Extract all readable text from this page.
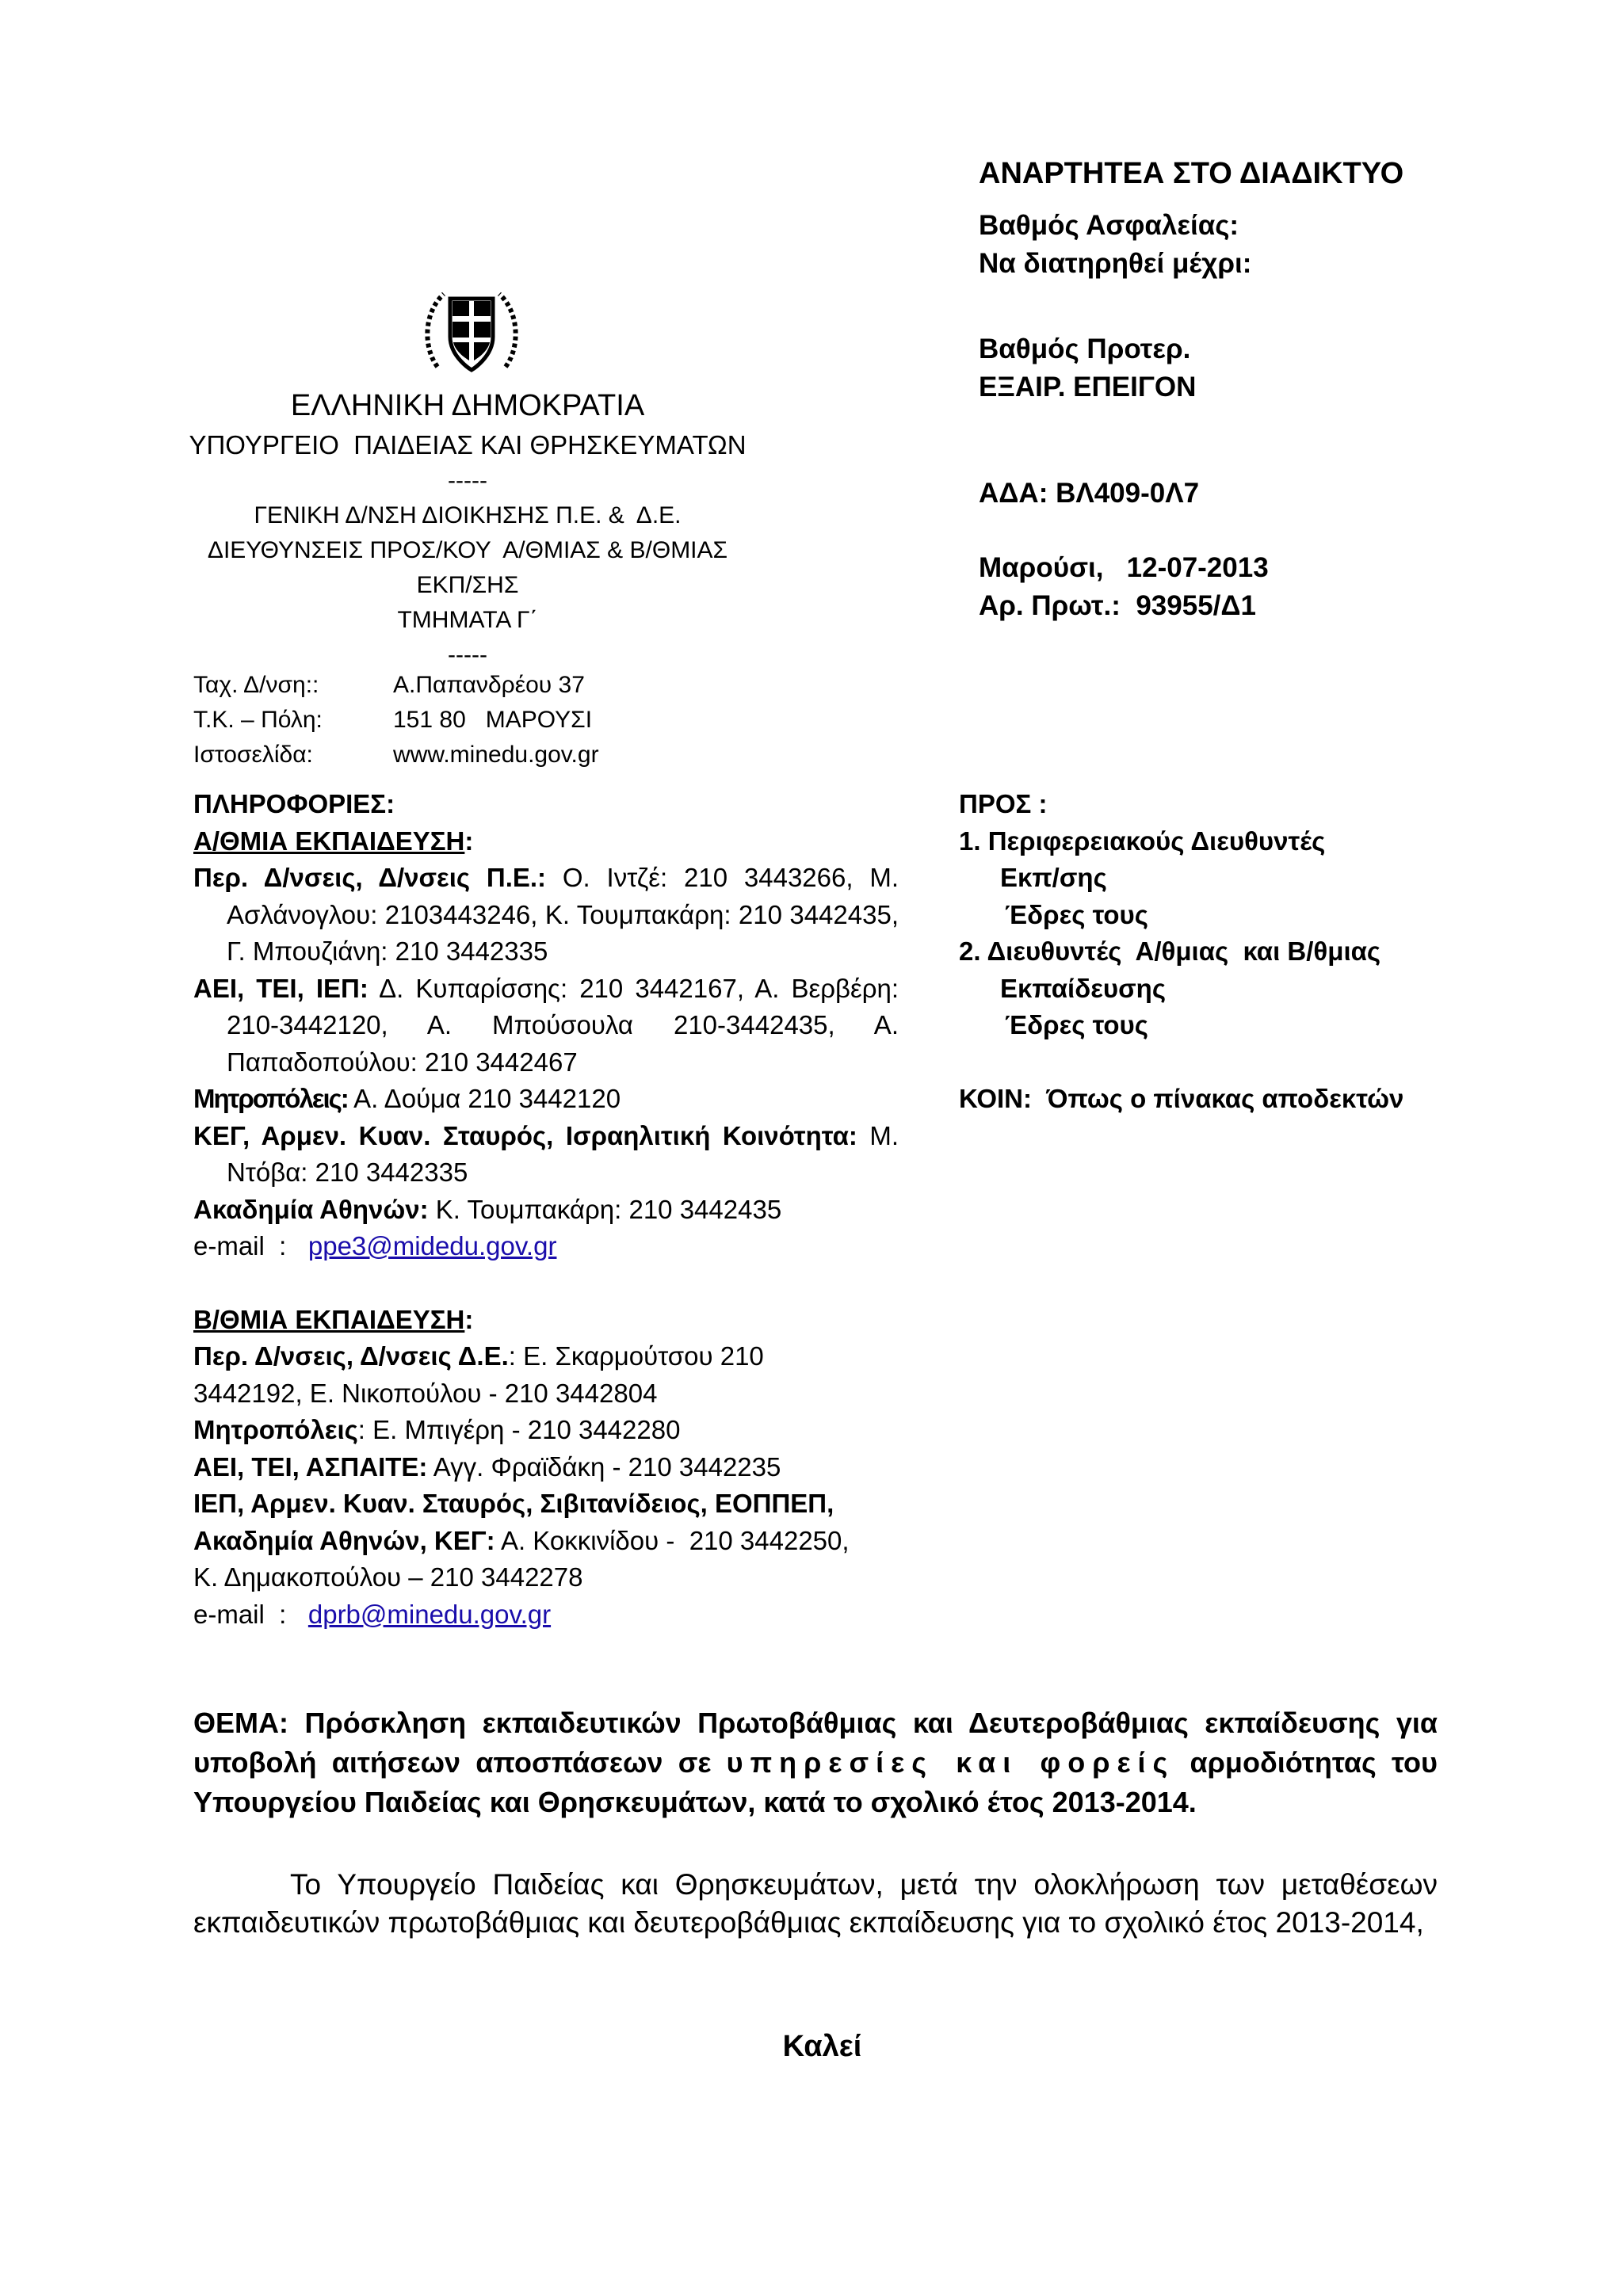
ΑΝΑΡΤΗΤΕΑ ΣΤΟ ΔΙΑΔΙΚΤΥΟ
Βαθμός Ασφαλείας:
Να διατηρηθεί μέχρι:
Βαθμός Προτερ.
ΕΞΑΙΡ. ΕΠΕΙΓΟΝ
ΑΔΑ: ΒΛ409-0Λ7
Μαρούσι,   12-07-2013
Αρ. Πρωτ.:  93955/Δ1
ΕΛΛΗΝΙΚΗ ΔΗΜΟΚΡΑΤΙΑ
ΥΠΟΥΡΓΕΙΟ  ΠΑΙΔΕΙΑΣ ΚΑΙ ΘΡΗΣΚΕΥΜΑΤΩΝ
-----
ΓΕΝΙΚΗ Δ/ΝΣΗ ΔΙΟΙΚΗΣΗΣ Π.Ε. &  Δ.Ε.
ΔΙΕΥΘΥΝΣΕΙΣ ΠΡΟΣ/ΚΟΥ  Α/ΘΜΙΑΣ & Β/ΘΜΙΑΣ
ΕΚΠ/ΣΗΣ
ΤΜΗΜΑΤΑ Γ΄
-----
Ταχ. Δ/νση::	Α.Παπανδρέου 37
Τ.Κ. – Πόλη:	151 80   ΜΑΡΟΥΣΙ
Ιστοσελίδα:	www.minedu.gov.gr

ΠΛΗΡΟΦΟΡΙΕΣ:

Α/ΘΜΙΑ ΕΚΠΑΙΔΕΥΣΗ:

Περ. Δ/νσεις, Δ/νσεις Π.Ε.: Ο. Ιντζέ: 210 3443266, Μ. Ασλάνογλου: 2103443246, Κ. Τουμπακάρη: 210 3442435, Γ. Μπουζιάνη: 210 3442335

ΑΕΙ, ΤΕΙ, ΙΕΠ: Δ. Κυπαρίσσης: 210 3442167, Α. Βερβέρη: 210-3442120, Α. Μπούσουλα 210-3442435, Α. Παπαδοπούλου: 210 3442467

Μητροπόλεις: Α. Δούμα 210 3442120

ΚΕΓ, Αρμεν. Κυαν. Σταυρός, Ισραηλιτική Κοινότητα: Μ. Ντόβα: 210 3442335

Ακαδημία Αθηνών: Κ. Τουμπακάρη: 210 3442435

e-mail  :   ppe3@midedu.gov.gr

Β/ΘΜΙΑ ΕΚΠΑΙΔΕΥΣΗ:

Περ. Δ/νσεις, Δ/νσεις Δ.Ε.: Ε. Σκαρμούτσου 210 3442192, Ε. Νικοπούλου - 210 3442804

Μητροπόλεις: Ε. Μπιγέρη - 210 3442280

ΑΕΙ, ΤΕΙ, ΑΣΠΑΙΤΕ: Αγγ. Φραϊδάκη - 210 3442235

ΙΕΠ, Αρμεν. Κυαν. Σταυρός, Σιβιτανίδειος, ΕΟΠΠΕΠ, Ακαδημία Αθηνών, ΚΕΓ: Α. Κοκκινίδου -  210 3442250, Κ. Δημακοπούλου – 210 3442278

e-mail  :   dprb@minedu.gov.gr

ΠΡΟΣ :
1. Περιφερειακούς Διευθυντές
Εκπ/σης
Έδρες τους
2. Διευθυντές  Α/θμιας  και Β/θμιας
Εκπαίδευσης
Έδρες τους
ΚΟΙΝ:  Όπως ο πίνακας αποδεκτών
ΘΕΜΑ: Πρόσκληση εκπαιδευτικών Πρωτοβάθμιας και Δευτεροβάθμιας εκπαίδευσης για υποβολή αιτήσεων αποσπάσεων σε υπηρεσίες και φορείς αρμοδιότητας του Υπουργείου Παιδείας και Θρησκευμάτων, κατά το σχολικό έτος 2013-2014.
Το Υπουργείο Παιδείας και Θρησκευμάτων, μετά την ολοκλήρωση των μεταθέσεων εκπαιδευτικών πρωτοβάθμιας και δευτεροβάθμιας εκπαίδευσης για το σχολικό έτος 2013-2014,
Καλεί
